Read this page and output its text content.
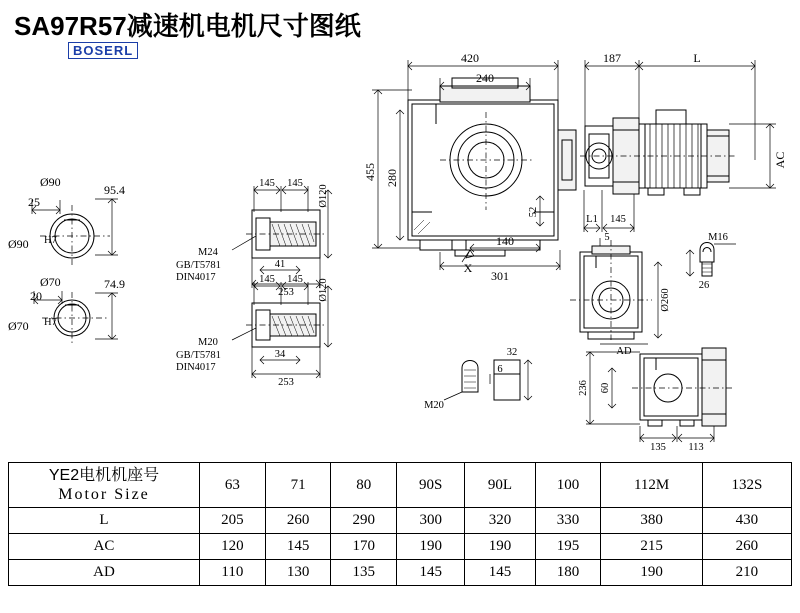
SA97R57减速机电机尺寸图纸
BOSERL	420
240
187	L
AC
455 280
52
140
301
X
L1 145
5	M16
Ø260
26
AD
32
6
M20
236 60
135 113
Ø90
25
95.4
Ø90 H7
Ø70
20
74.9
Ø70 H7
145 145
Ø120
41
253
M24
GB/T5781
DIN4017	145 145 Ø120
34
253
M20
GB/T5781
DIN4017
YE2电机机座号
Motor Size	63	71	80	90S	90L	100	112M	132S
L	205	260	290	300	320	330	380	430
AC	120	145	170	190	190	195	215	260
AD	110	130	135	145	145	180	190	210
